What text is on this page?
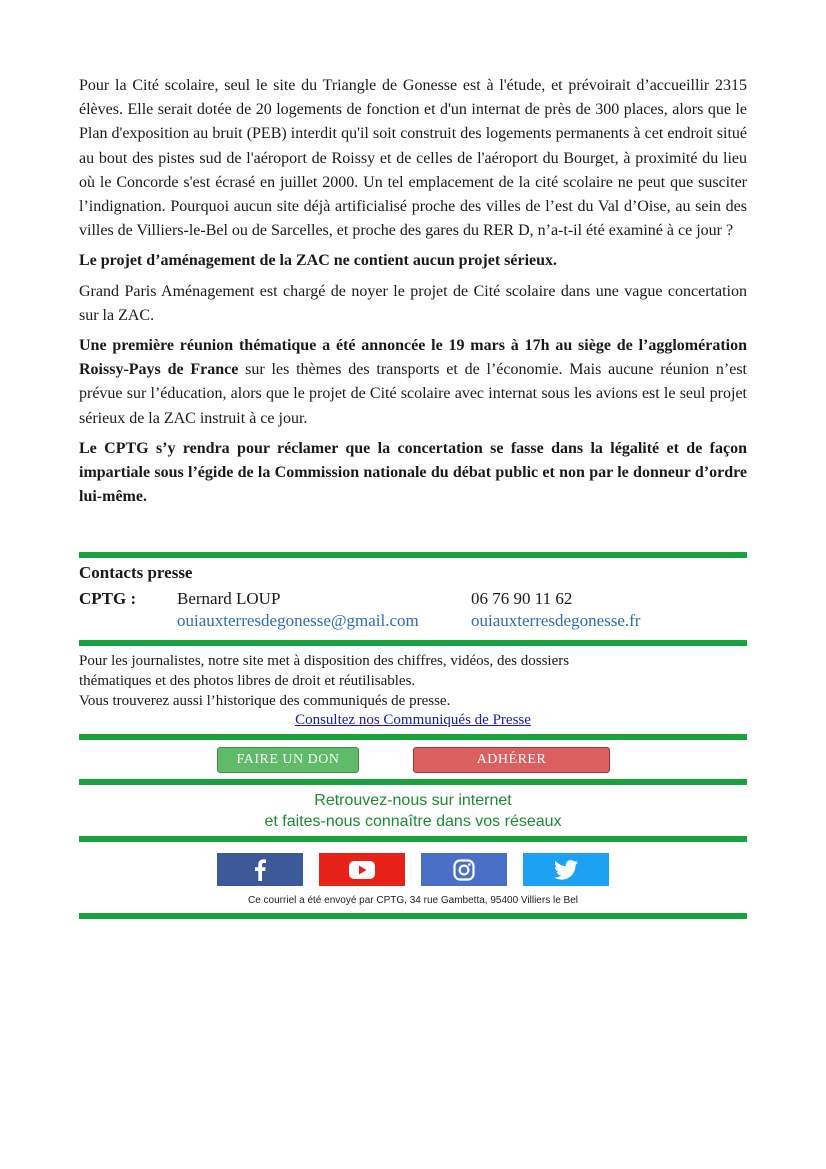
Pour la Cité scolaire, seul le site du Triangle de Gonesse est à l'étude, et prévoirait d’accueillir 2315 élèves. Elle serait dotée de 20 logements de fonction et d'un internat de près de 300 places, alors que le Plan d'exposition au bruit (PEB) interdit qu'il soit construit des logements permanents à cet endroit situé au bout des pistes sud de l'aéroport de Roissy et de celles de l'aéroport du Bourget, à proximité du lieu où le Concorde s'est écrasé en juillet 2000. Un tel emplacement de la cité scolaire ne peut que susciter l’indignation. Pourquoi aucun site déjà artificialisé proche des villes de l’est du Val d’Oise, au sein des villes de Villiers-le-Bel ou de Sarcelles, et proche des gares du RER D, n’a-t-il été examiné à ce jour ?

Le projet d’aménagement de la ZAC ne contient aucun projet sérieux.

Grand Paris Aménagement est chargé de noyer le projet de Cité scolaire dans une vague concertation sur la ZAC.

Une première réunion thématique a été annoncée le 19 mars à 17h au siège de l’agglomération Roissy-Pays de France sur les thèmes des transports et de l’économie. Mais aucune réunion n’est prévue sur l’éducation, alors que le projet de Cité scolaire avec internat sous les avions est le seul projet sérieux de la ZAC instruit à ce jour.

Le CPTG s’y rendra pour réclamer que la concertation se fasse dans la légalité et de façon impartiale sous l’égide de la Commission nationale du débat public et non par le donneur d’ordre lui-même.

Contacts presse
CPTG : Bernard LOUP	06 76 90 11 62
ouiauxterresdegonesse@gmail.com	ouiauxterresdegonesse.fr
Pour les journalistes, notre site met à disposition des chiffres, vidéos, des dossiers
thématiques et des photos libres de droit et réutilisables.
Vous trouverez aussi l’historique des communiqués de presse.
Consultez nos Communiqués de Presse
FAIRE UN DON	ADHÉRER
Retrouvez-nous sur internet
et faites-nous connaître dans vos réseaux
Ce courriel a été envoyé par CPTG, 34 rue Gambetta, 95400 Villiers le Bel
